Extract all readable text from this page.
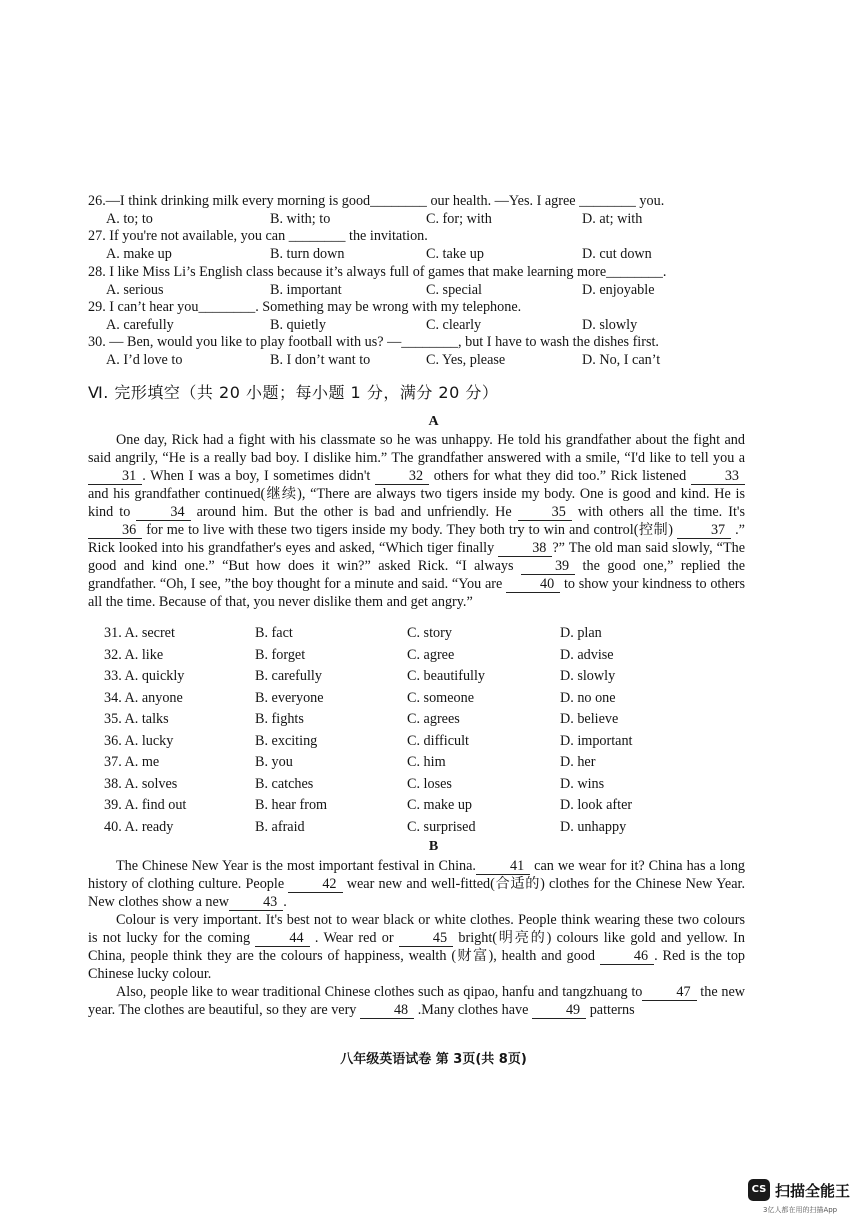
26.—I think drinking milk every morning is good________ our health. —Yes. I agree ________ you.
A. to; to	B. with; to	C. for; with	D. at; with
27. If you're not available, you can ________ the invitation.
A. make up	B. turn down	C. take up	D. cut down
28. I like Miss Li’s English class because it’s always full of games that make learning more________.
A. serious	B. important	C. special	D. enjoyable
29. I can’t hear you________. Something may be wrong with my telephone.
A. carefully	B. quietly	C. clearly	D. slowly
30. — Ben, would you like to play football with us? —________, but I have to wash the dishes first.
A. I’d love to	B. I don’t want to	C. Yes, please	D. No, I can’t
Ⅵ. 完形填空（共 20 小题；每小题 1 分，满分 20 分）
A

One day, Rick had a fight with his classmate so he was unhappy. He told his grandfather about the fight and said angrily, “He is a really bad boy. I dislike him.” The grandfather answered with a smile, “I'd like to tell you a 31 . When I was a boy, I sometimes didn't 32 others for what they did too.” Rick listened 33 and his grandfather continued(继续), “There are always two tigers inside my body. One is good and kind. He is kind to 34 around him. But the other is bad and unfriendly. He 35 with others all the time. It's 36 for me to live with these two tigers inside my body. They both try to win and control(控制) 37 .” Rick looked into his grandfather's eyes and asked, “Which tiger finally 38 ?” The old man said slowly, “The good and kind one.” “But how does it win?” asked Rick. “I always 39 the good one,” replied the grandfather. “Oh, I see, ”the boy thought for a minute and said. “You are 40 to show your kindness to others all the time. Because of that, you never dislike them and get angry.”

31. A. secret	B. fact	C. story	D. plan
32. A. like	B. forget	C. agree	D. advise
33. A. quickly	B. carefully	C. beautifully	D. slowly
34. A. anyone	B. everyone	C. someone	D. no one
35. A. talks	B. fights	C. agrees	D. believe
36. A. lucky	B. exciting	C. difficult	D. important
37. A. me	B. you	C. him	D. her
38. A. solves	B. catches	C. loses	D. wins
39. A. find out	B. hear from	C. make up	D. look after
40. A. ready	B. afraid	C. surprised	D. unhappy
B

The Chinese New Year is the most important festival in China. 41 can we wear for it? China has a long history of clothing culture. People 42 wear new and well-fitted(合适的) clothes for the Chinese New Year. New clothes show a new 43 .

Colour is very important. It's best not to wear black or white clothes. People think wearing these two colours is not lucky for the coming 44 . Wear red or 45 bright(明亮的) colours like gold and yellow. In China, people think they are the colours of happiness, wealth (财富), health and good 46 . Red is the top Chinese lucky colour.

Also, people like to wear traditional Chinese clothes such as qipao, hanfu and tangzhuang to 47 the new year. The clothes are beautiful, so they are very 48 .Many clothes have 49 patterns

八年级英语试卷 第 3页(共 8页)
CS 扫描全能王
3亿人都在用的扫描App
